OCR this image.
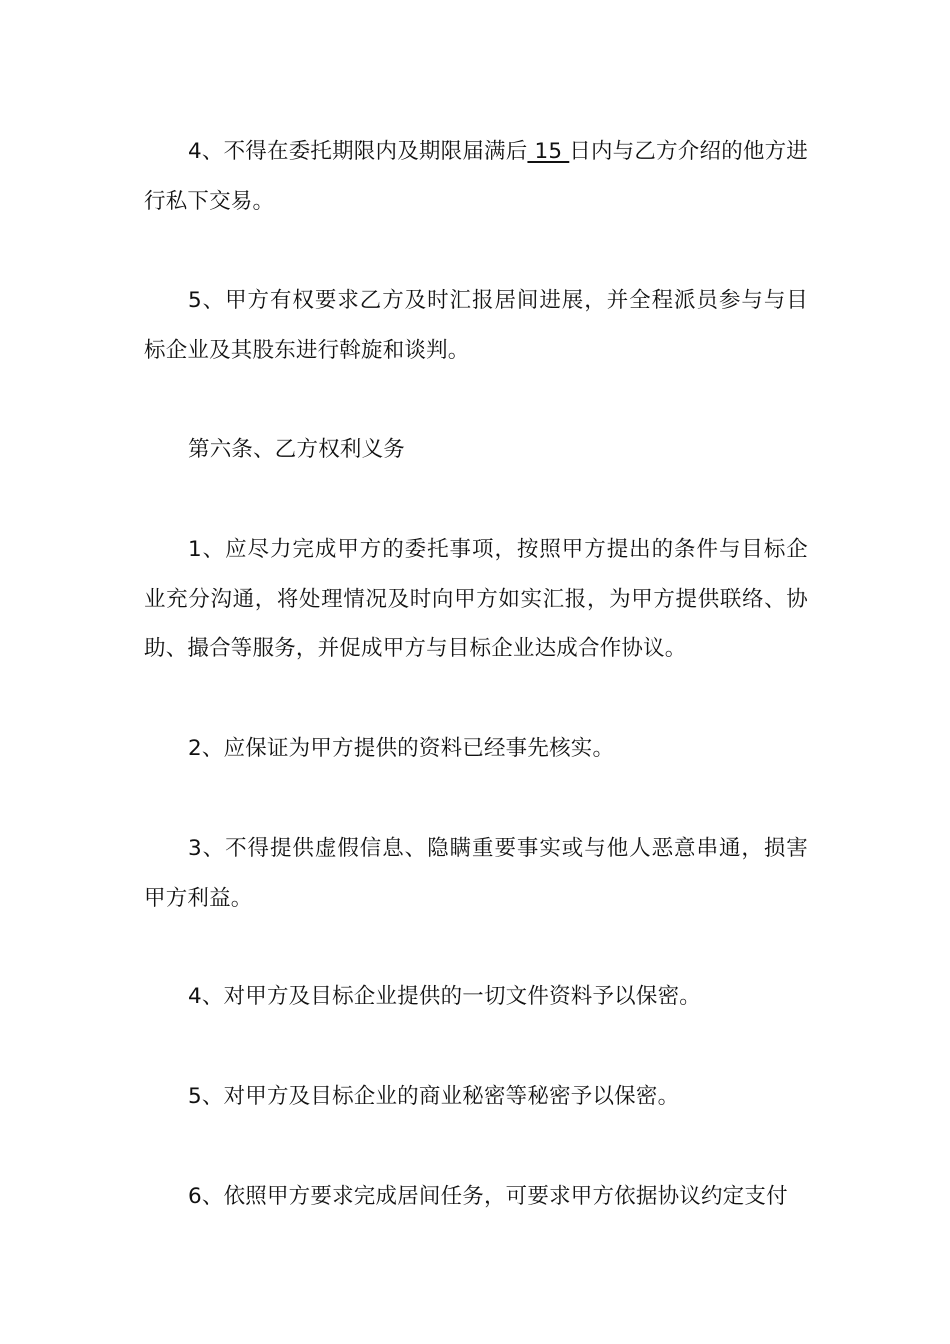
4、不得在委托期限内及期限届满后 15 日内与乙方介绍的他方进行私下交易。

5、甲方有权要求乙方及时汇报居间进展，并全程派员参与与目标企业及其股东进行斡旋和谈判。

第六条、乙方权利义务

1、应尽力完成甲方的委托事项，按照甲方提出的条件与目标企业充分沟通，将处理情况及时向甲方如实汇报，为甲方提供联络、协助、撮合等服务，并促成甲方与目标企业达成合作协议。

2、应保证为甲方提供的资料已经事先核实。

3、不得提供虚假信息、隐瞒重要事实或与他人恶意串通，损害甲方利益。

4、对甲方及目标企业提供的一切文件资料予以保密。

5、对甲方及目标企业的商业秘密等秘密予以保密。

6、依照甲方要求完成居间任务，可要求甲方依据协议约定支付
